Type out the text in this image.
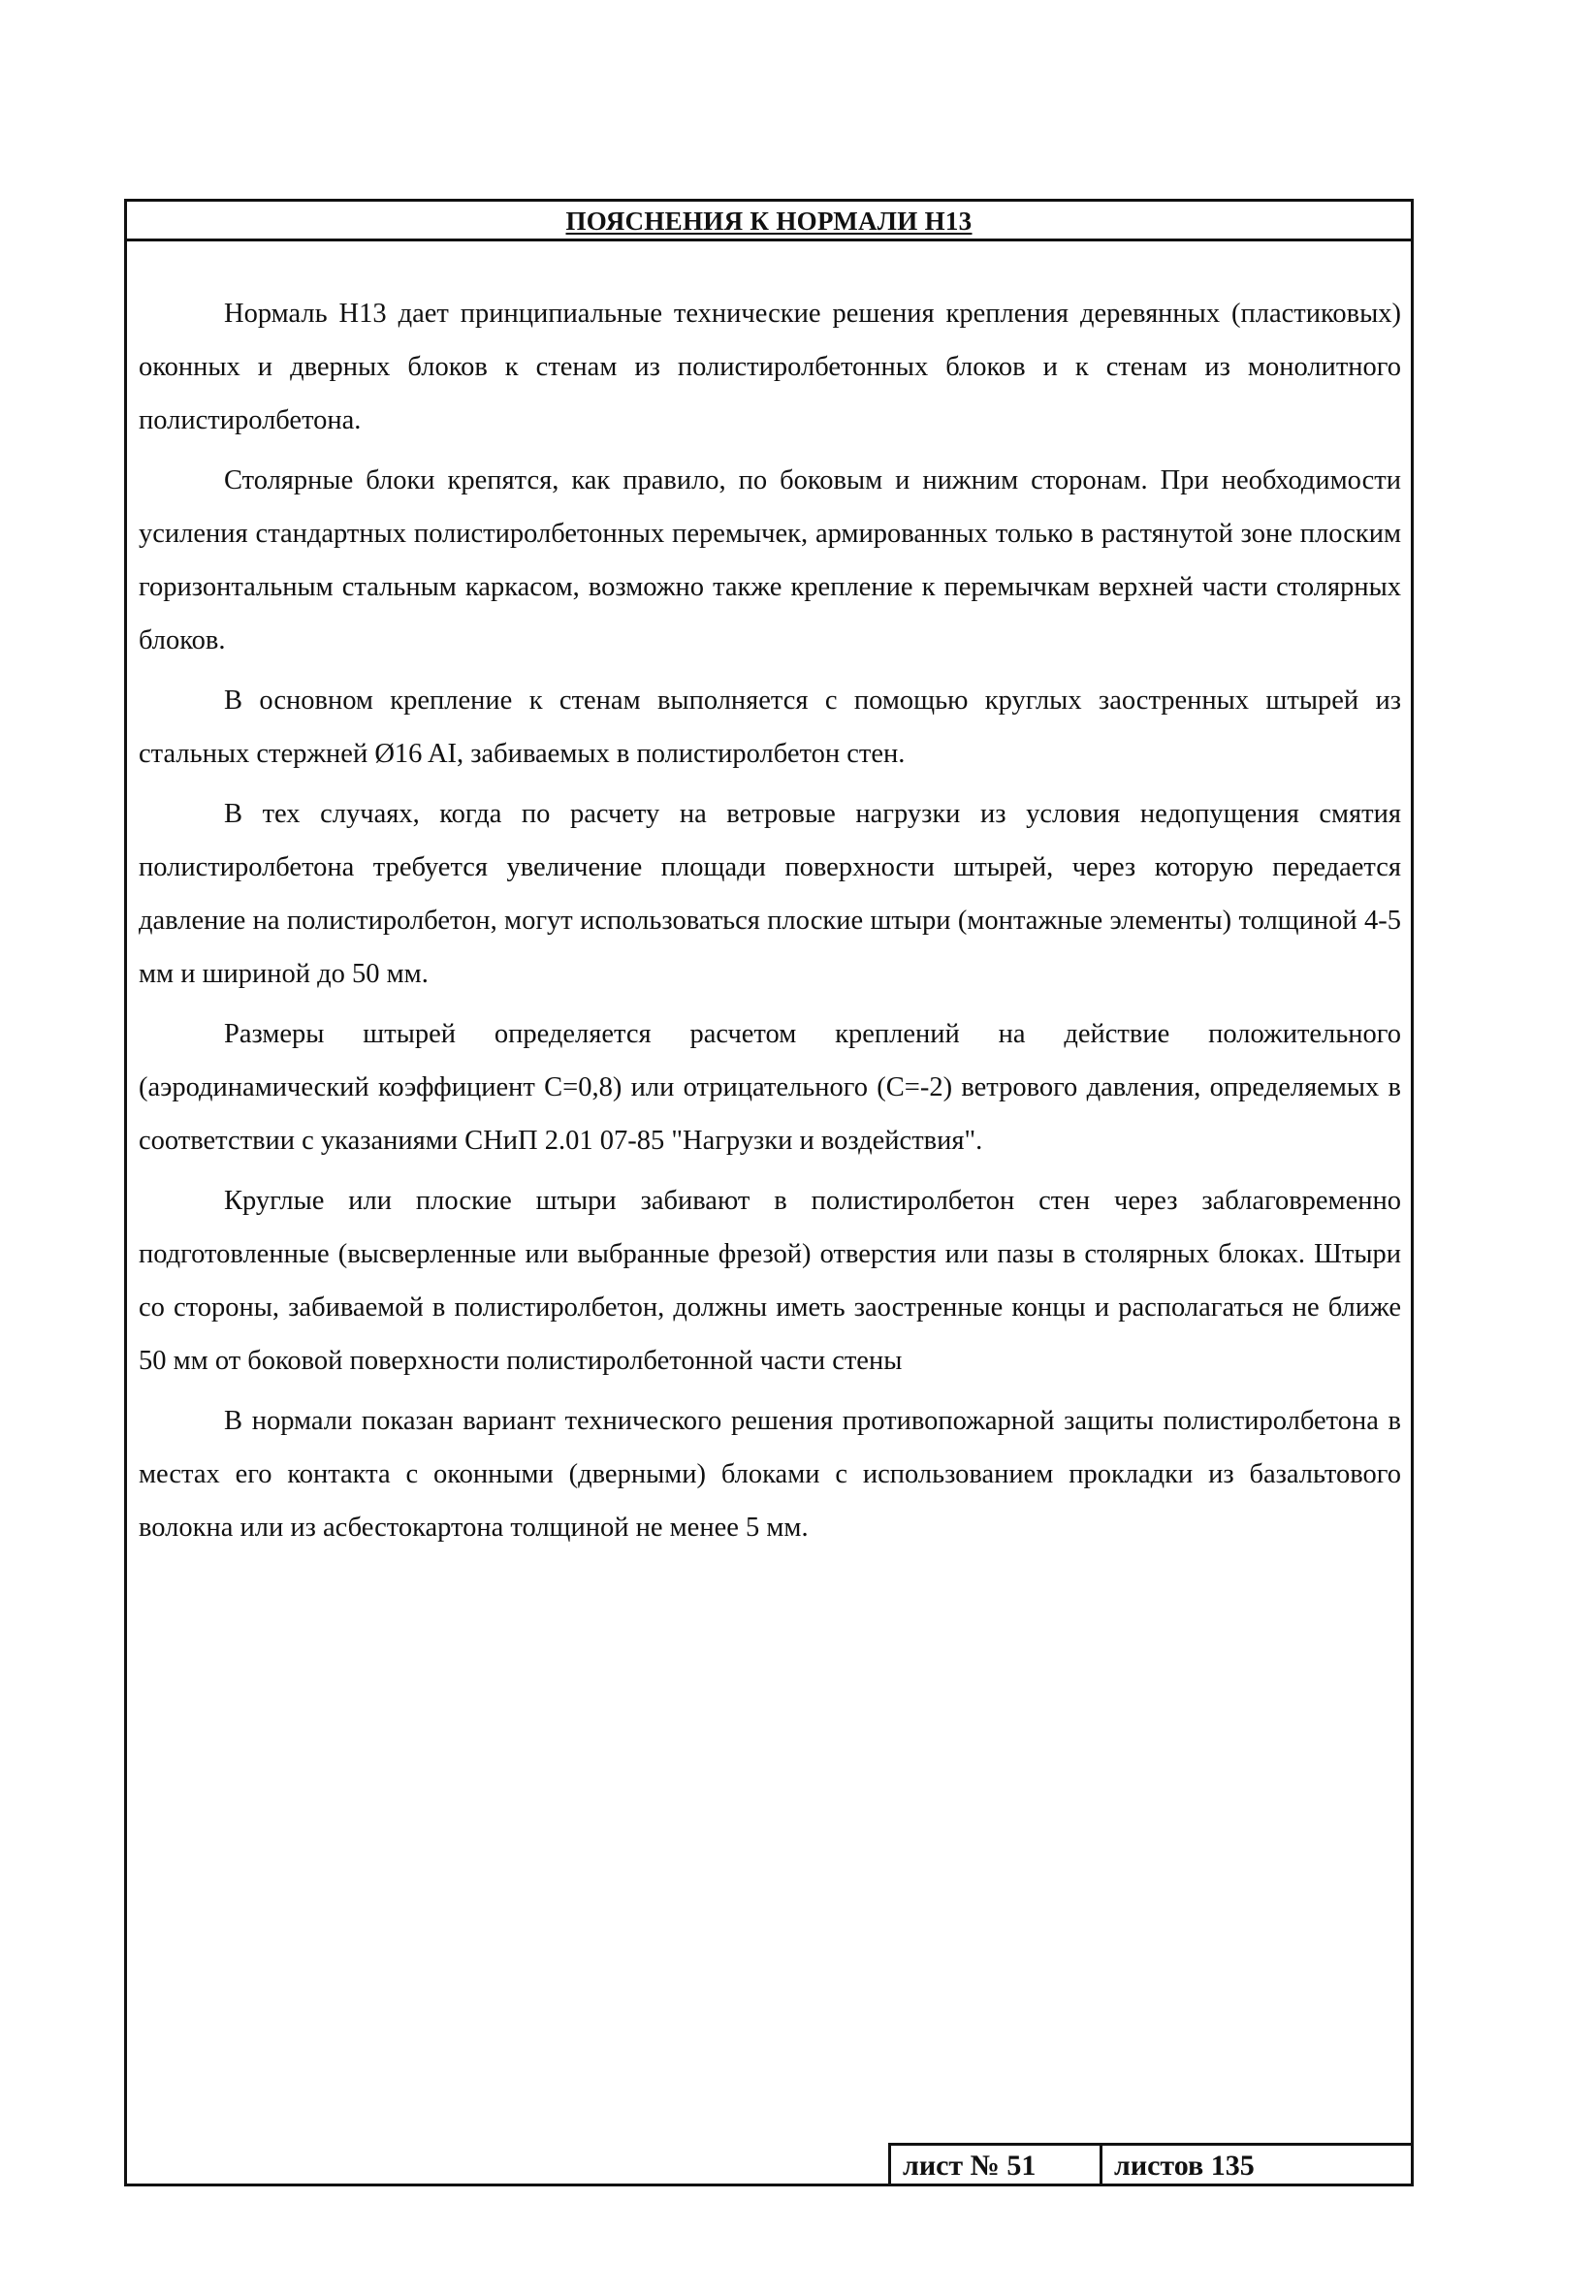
ПОЯСНЕНИЯ К НОРМАЛИ Н13

Нормаль Н13 дает принципиальные технические решения крепления деревянных (пластиковых) оконных и дверных блоков к стенам из полистиролбетонных блоков и к стенам из монолитного полистиролбетона.

Столярные блоки крепятся, как правило, по боковым и нижним сторонам. При необходимости усиления стандартных полистиролбетонных перемычек, армированных только в растянутой зоне плоским горизонтальным стальным каркасом, возможно также крепление к перемычкам верхней части столярных блоков.

В основном крепление к стенам выполняется с помощью круглых заостренных штырей из стальных стержней Ø16 AI, забиваемых в полистиролбетон стен.

В тех случаях, когда по расчету на ветровые нагрузки из условия недопущения смятия полистиролбетона требуется увеличение площади поверхности штырей, через которую передается давление на полистиролбетон, могут использоваться плоские штыри (монтажные элементы) толщиной 4-5 мм и шириной до 50 мм.

Размеры штырей определяется расчетом креплений на действие положительного (аэродинамический коэффициент С=0,8) или отрицательного (С=-2) ветрового давления, определяемых в соответствии с указаниями СНиП 2.01 07-85 "Нагрузки и воздействия".

Круглые или плоские штыри забивают в полистиролбетон стен через заблаговременно подготовленные (высверленные или выбранные фрезой) отверстия или пазы в столярных блоках. Штыри со стороны, забиваемой в полистиролбетон, должны иметь заостренные концы и располагаться не ближе 50 мм от боковой поверхности полистиролбетонной части стены

В нормали показан вариант технического решения противопожарной защиты полистиролбетона в местах его контакта с оконными (дверными) блоками с использованием прокладки из базальтового волокна или из асбестокартона толщиной не менее 5 мм.

лист № 51	листов 135
